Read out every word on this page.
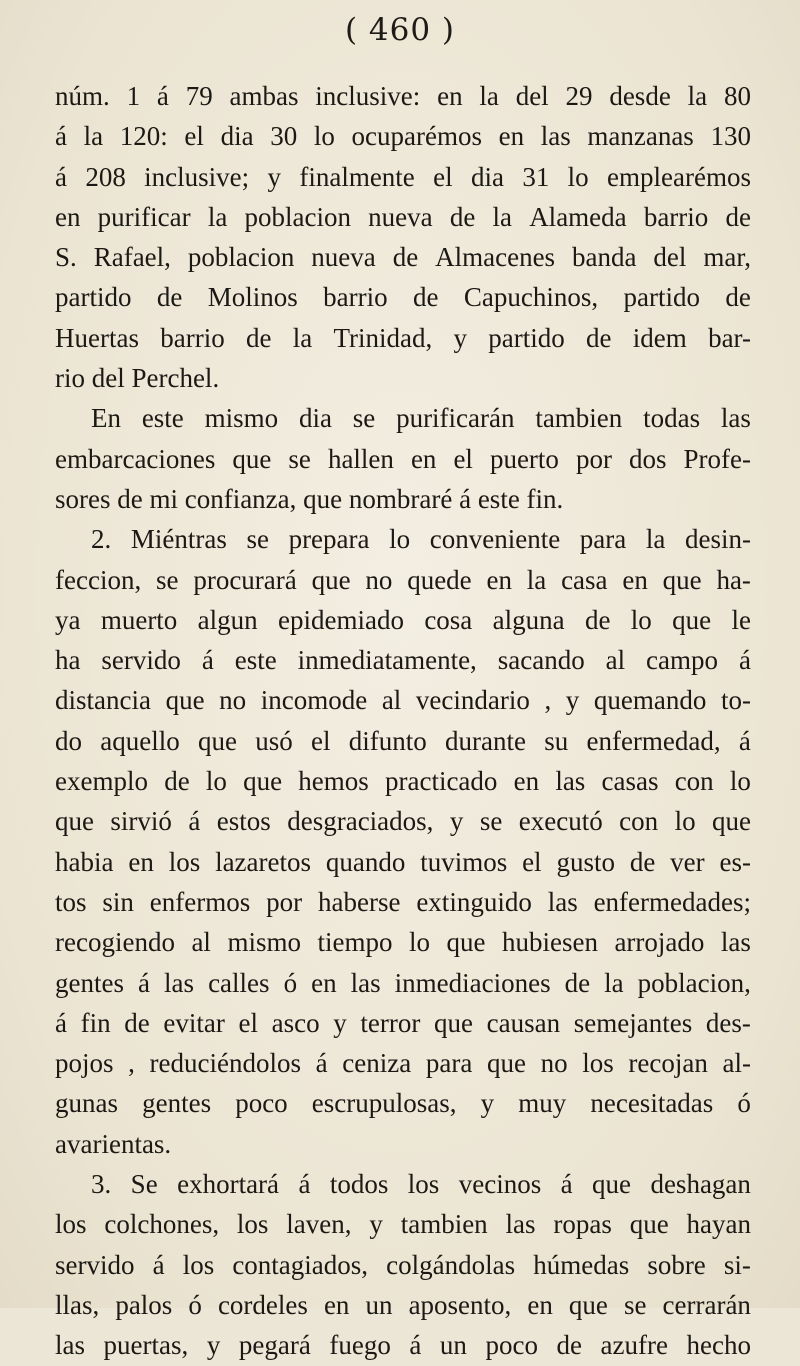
( 460 )
núm. 1 á 79 ambas inclusive: en la del 29 desde la 80
á la 120: el dia 30 lo ocuparémos en las manzanas 130
á 208 inclusive; y finalmente el dia 31 lo emplearémos
en purificar la poblacion nueva de la Alameda barrio de
S. Rafael, poblacion nueva de Almacenes banda del mar,
partido de Molinos barrio de Capuchinos, partido de
Huertas barrio de la Trinidad, y partido de idem bar-
rio del Perchel.
En este mismo dia se purificarán tambien todas las
embarcaciones que se hallen en el puerto por dos Profe-
sores de mi confianza, que nombraré á este fin.
2. Miéntras se prepara lo conveniente para la desin-
feccion, se procurará que no quede en la casa en que ha-
ya muerto algun epidemiado cosa alguna de lo que le
ha servido á este inmediatamente, sacando al campo á
distancia que no incomode al vecindario , y quemando to-
do aquello que usó el difunto durante su enfermedad, á
exemplo de lo que hemos practicado en las casas con lo
que sirvió á estos desgraciados, y se executó con lo que
habia en los lazaretos quando tuvimos el gusto de ver es-
tos sin enfermos por haberse extinguido las enfermedades;
recogiendo al mismo tiempo lo que hubiesen arrojado las
gentes á las calles ó en las inmediaciones de la poblacion,
á fin de evitar el asco y terror que causan semejantes des-
pojos , reduciéndolos á ceniza para que no los recojan al-
gunas gentes poco escrupulosas, y muy necesitadas ó
avarientas.
3. Se exhortará á todos los vecinos á que deshagan
los colchones, los laven, y tambien las ropas que hayan
servido á los contagiados, colgándolas húmedas sobre si-
llas, palos ó cordeles en un aposento, en que se cerrarán
las puertas, y pegará fuego á un poco de azufre hecho
